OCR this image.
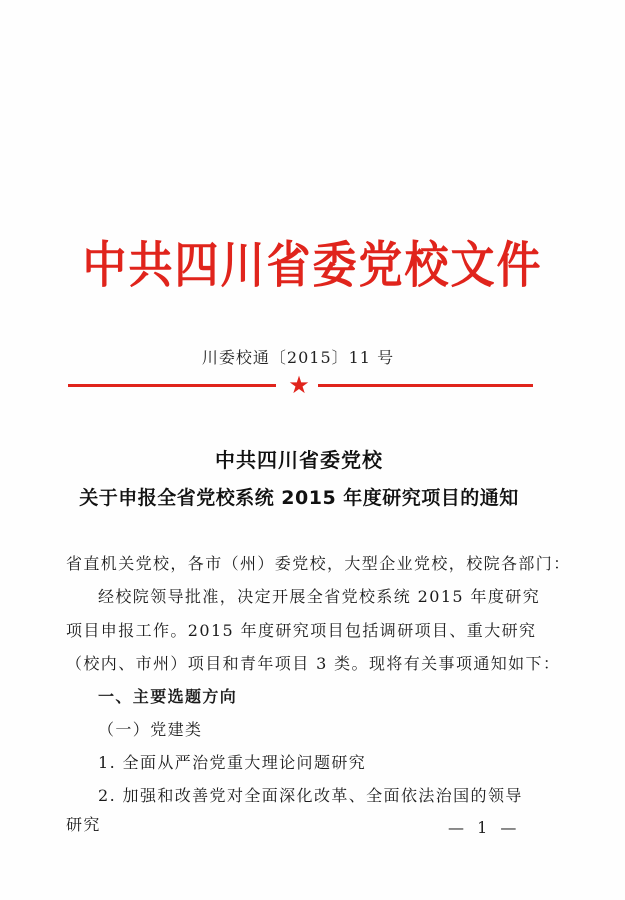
中共四川省委党校文件
川委校通〔2015〕11 号
★
中共四川省委党校
关于申报全省党校系统 2015 年度研究项目的通知
省直机关党校，各市（州）委党校，大型企业党校，校院各部门：
经校院领导批准，决定开展全省党校系统 2015 年度研究
项目申报工作。2015 年度研究项目包括调研项目、重大研究
（校内、市州）项目和青年项目 3 类。现将有关事项通知如下：
一、主要选题方向
（一）党建类
1. 全面从严治党重大理论问题研究
2. 加强和改善党对全面深化改革、全面依法治国的领导
研究	— 1 —
